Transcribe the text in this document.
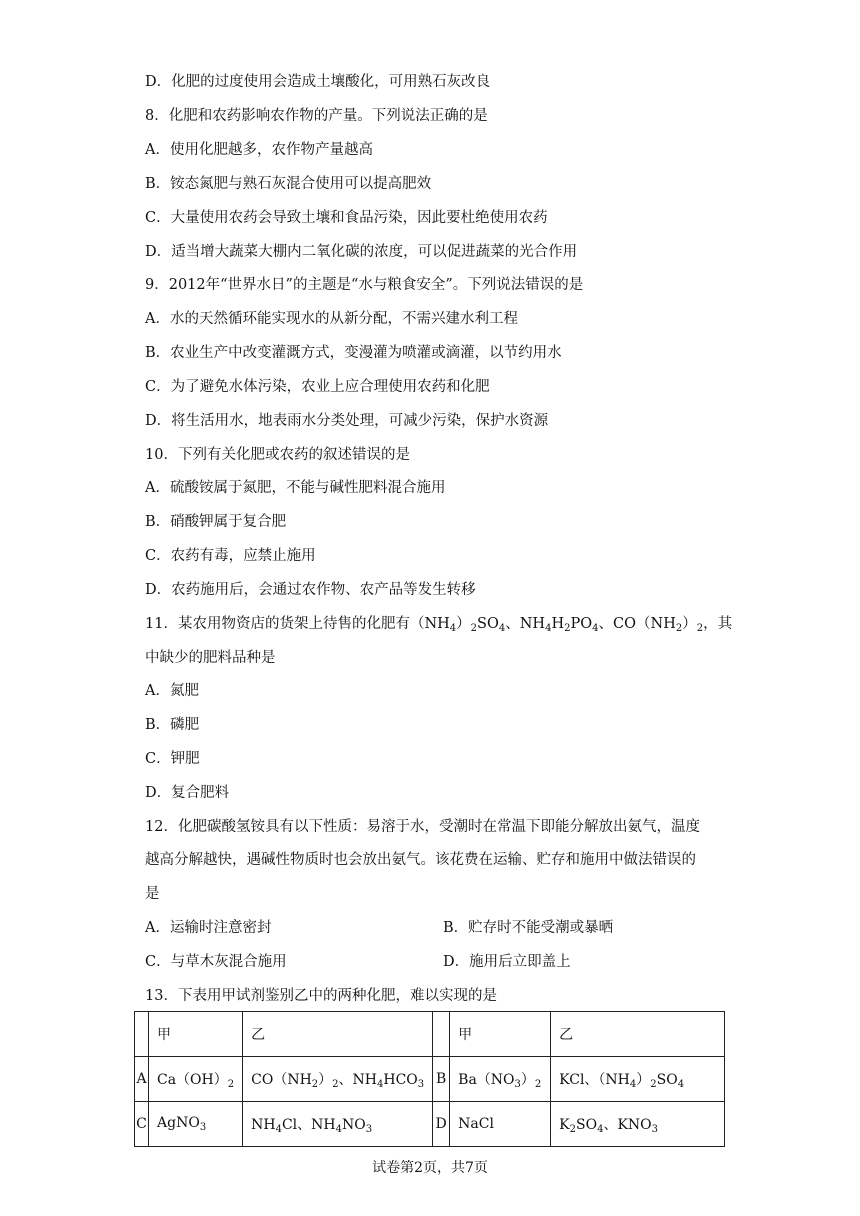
D．化肥的过度使用会造成土壤酸化，可用熟石灰改良
8．化肥和农药影响农作物的产量。下列说法正确的是
A．使用化肥越多，农作物产量越高
B．铵态氮肥与熟石灰混合使用可以提高肥效
C．大量使用农药会导致土壤和食品污染，因此要杜绝使用农药
D．适当增大蔬菜大棚内二氧化碳的浓度，可以促进蔬菜的光合作用
9．2012年“世界水日”的主题是“水与粮食安全”。下列说法错误的是
A．水的天然循环能实现水的从新分配，不需兴建水利工程
B．农业生产中改变灌溉方式，变漫灌为喷灌或滴灌，以节约用水
C．为了避免水体污染，农业上应合理使用农药和化肥
D．将生活用水，地表雨水分类处理，可减少污染，保护水资源
10．下列有关化肥或农药的叙述错误的是
A．硫酸铵属于氮肥，不能与碱性肥料混合施用
B．硝酸钾属于复合肥
C．农药有毒，应禁止施用
D．农药施用后，会通过农作物、农产品等发生转移
11．某农用物资店的货架上待售的化肥有$(NH_4)_2SO_4$、$NH_4H_2PO_4$、$CO(NH_2)_2$，其
中缺少的肥料品种是
A．氮肥
B．磷肥
C．钾肥
D．复合肥料
12．化肥碳酸氢铵具有以下性质：易溶于水，受潮时在常温下即能分解放出氨气，温度
越高分解越快，遇碱性物质时也会放出氨气。该花费在运输、贮存和施用中做法错误的
是
A．运输时注意密封	B．贮存时不能受潮或暴晒
C．与草木灰混合施用	D．施用后立即盖上
13．下表用甲试剂鉴别乙中的两种化肥，难以实现的是
	甲	乙		甲	乙
A	$Ca(OH)_2$	$CO(NH_2)_2$、$NH_4HCO_3$	B	$Ba(NO_3)_2$	KCl、$(NH_4)_2SO_4$
C	AgNO$_3$	$NH_4Cl$、$NH_4NO_3$	D	NaCl	$K_2SO_4$、$KNO_3$
试卷第2页，共7页
